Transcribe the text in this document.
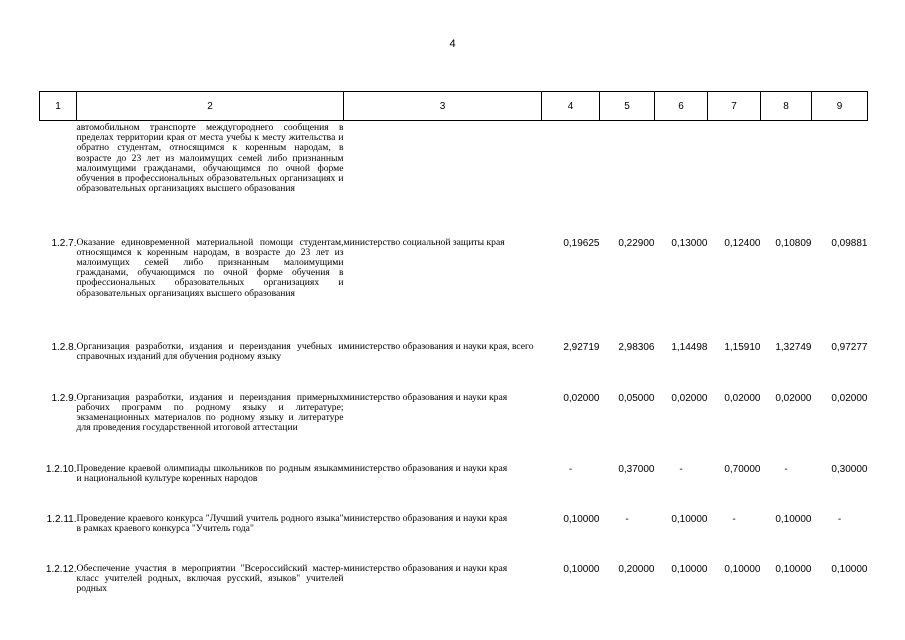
4
1	2	3	4	5	6	7	8	9
	автомобильном транспорте междугороднего сообщения в пределах территории края от места учебы к месту жительства и обратно студентам, относящимся к коренным народам, в возрасте до 23 лет из малоимущих семей либо признанным малоимущими гражданами, обучающимся по очной форме обучения в профессиональных образовательных организациях и образовательных организациях высшего образования							
1.2.7.	Оказание единовременной материальной помощи студентам, относящимся к коренным народам, в возрасте до 23 лет из малоимущих семей либо признанным малоимущими гражданами, обучающимся по очной форме обучения в профессиональных образовательных организациях и образовательных организациях высшего образования	министерство социальной защиты края	0,19625	0,22900	0,13000	0,12400	0,10809	0,09881
1.2.8.	Организация разработки, издания и переиздания учебных и справочных изданий для обучения родному языку	министерство образования и науки края, всего	2,92719	2,98306	1,14498	1,15910	1,32749	0,97277
1.2.9.	Организация разработки, издания и переиздания примерных рабочих программ по родному языку и литературе; экзаменационных материалов по родному языку и литературе для проведения государственной итоговой аттестации	министерство образования и науки края	0,02000	0,05000	0,02000	0,02000	0,02000	0,02000
1.2.10.	Проведение краевой олимпиады школьников по родным языкам и национальной культуре коренных народов	министерство образования и науки края	-	0,37000	-	0,70000	-	0,30000
1.2.11.	Проведение краевого конкурса "Лучший учитель родного языка" в рамках краевого конкурса "Учитель года"	министерство образования и науки края	0,10000	-	0,10000	-	0,10000	-
1.2.12.	Обеспечение участия в мероприятии "Всероссийский мастер-класс учителей родных, включая русский, языков" учителей родных	министерство образования и науки края	0,10000	0,20000	0,10000	0,10000	0,10000	0,10000
